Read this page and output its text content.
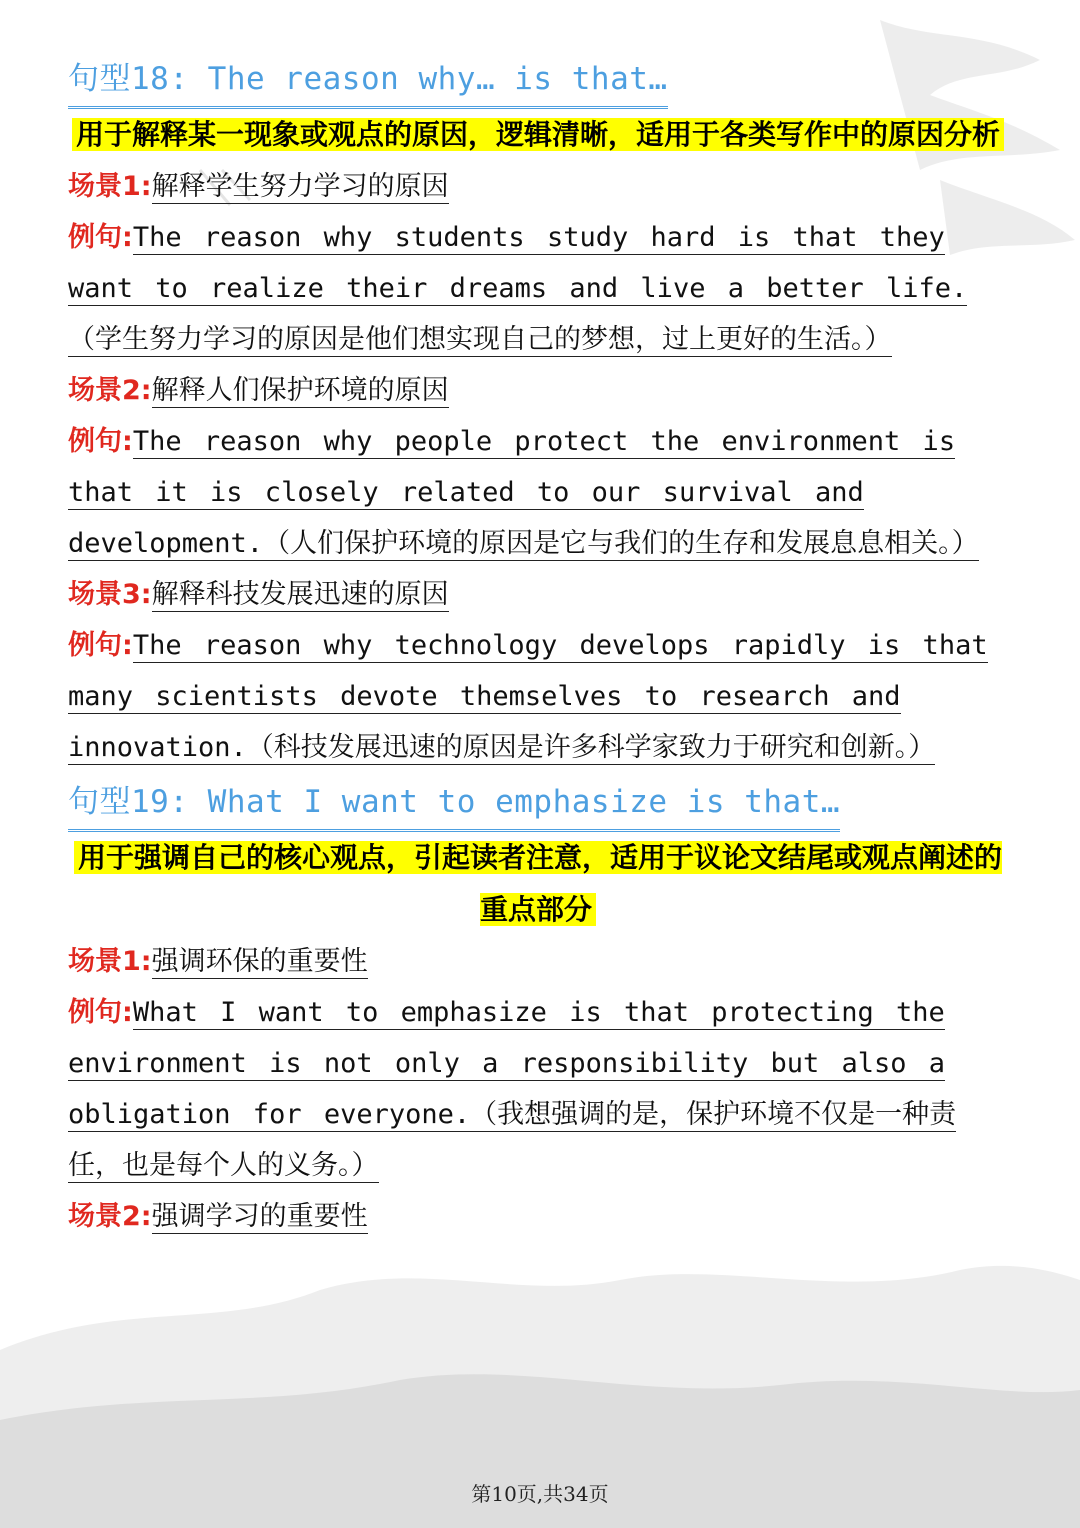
句型18: The reason why… is that…

用于解释某一现象或观点的原因，逻辑清晰，适用于各类写作中的原因分析

场景1:解释学生努力学习的原因

例句:The reason why students study hard is that they want to realize their dreams and live a better life.（学生努力学习的原因是他们想实现自己的梦想，过上更好的生活。）

场景2:解释人们保护环境的原因

例句:The reason why people protect the environment is that it is closely related to our survival and development.（人们保护环境的原因是它与我们的生存和发展息息相关。）

场景3:解释科技发展迅速的原因

例句:The reason why technology develops rapidly is that many scientists devote themselves to research and innovation.（科技发展迅速的原因是许多科学家致力于研究和创新。）

句型19: What I want to emphasize is that…

用于强调自己的核心观点，引起读者注意，适用于议论文结尾或观点阐述的重点部分

场景1:强调环保的重要性

例句:What I want to emphasize is that protecting the environment is not only a responsibility but also a obligation for everyone.（我想强调的是，保护环境不仅是一种责任，也是每个人的义务。）

场景2:强调学习的重要性

第10页,共34页
